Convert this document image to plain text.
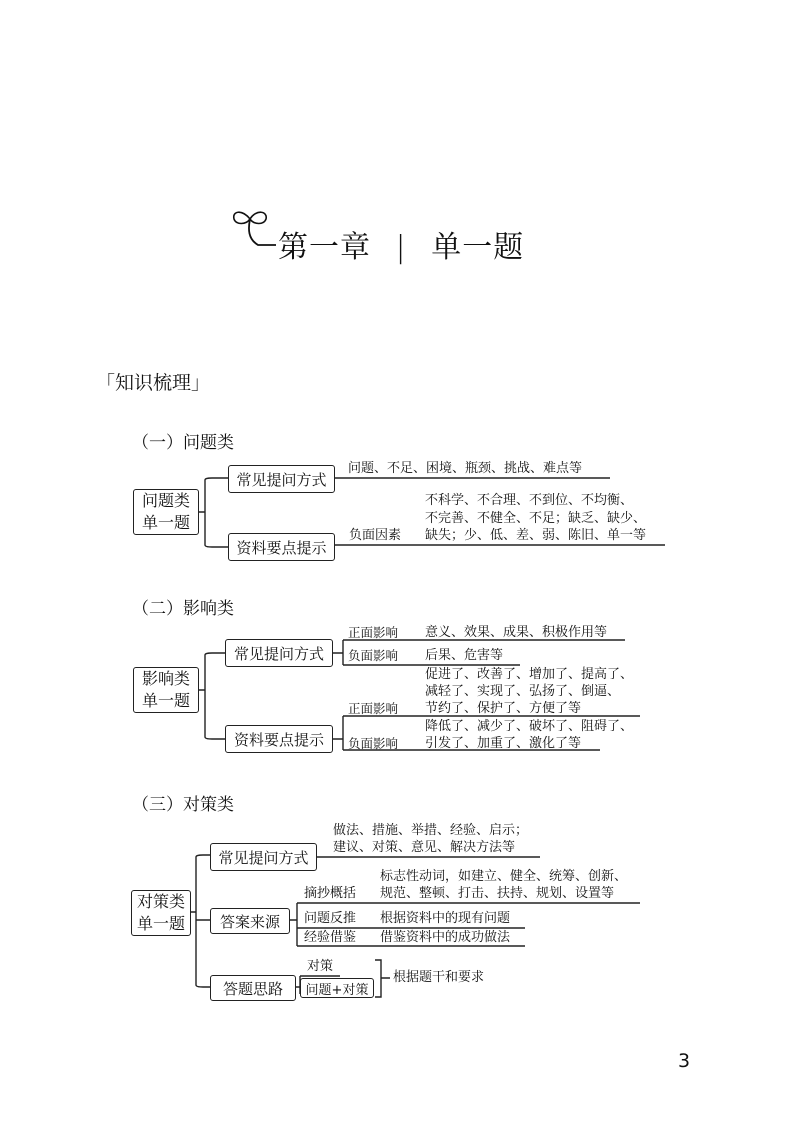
第一章 | 单一题
「知识梳理」
（一）问题类
问题类
单一题
常见提问方式
问题、不足、困境、瓶颈、挑战、难点等
资料要点提示
负面因素
不科学、不合理、不到位、不均衡、
不完善、不健全、不足；缺乏、缺少、
缺失；少、低、差、弱、陈旧、单一等
（二）影响类
影响类
单一题
常见提问方式
正面影响 意义、效果、成果、积极作用等
负面影响 后果、危害等
资料要点提示
正面影响
促进了、改善了、增加了、提高了、
减轻了、实现了、弘扬了、倒逼、
节约了、保护了、方便了等
负面影响
降低了、减少了、破坏了、阻碍了、
引发了、加重了、激化了等
（三）对策类
对策类
单一题
常见提问方式
做法、措施、举措、经验、启示；
建议、对策、意见、解决方法等
答案来源
摘抄概括
标志性动词，如建立、健全、统筹、创新、
规范、整顿、打击、扶持、规划、设置等
问题反推 根据资料中的现有问题
经验借鉴 借鉴资料中的成功做法
答题思路
对策
问题+对策
根据题干和要求
3
